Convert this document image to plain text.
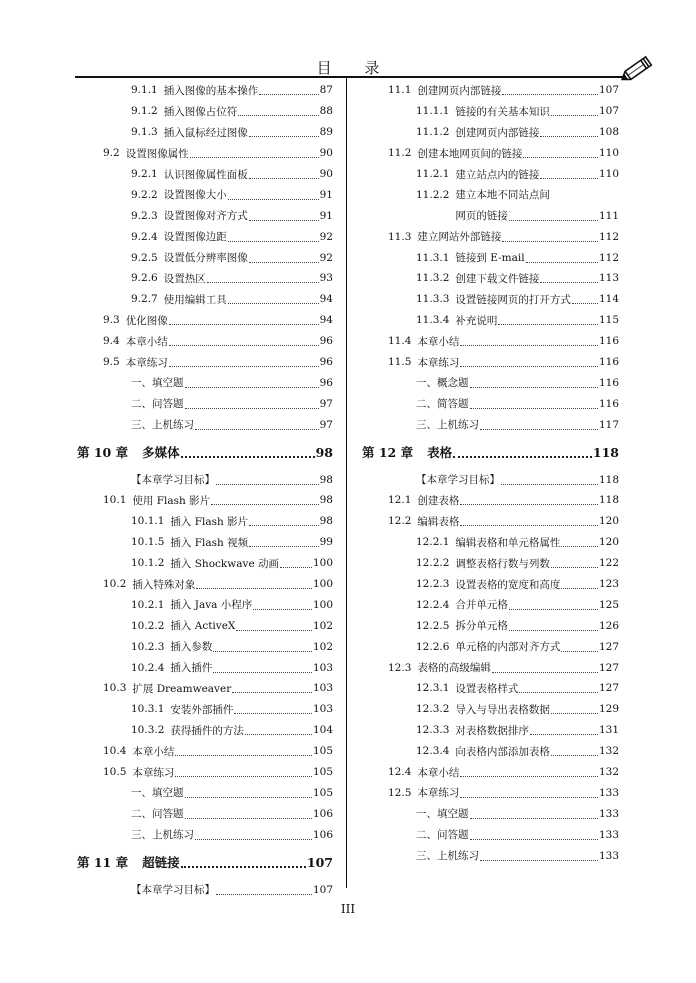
目 录
9.1.1 插入图像的基本操作	87
9.1.2 插入图像占位符	88
9.1.3 插入鼠标经过图像	89
9.2 设置图像属性	90
9.2.1 认识图像属性面板	90
9.2.2 设置图像大小	91
9.2.3 设置图像对齐方式	91
9.2.4 设置图像边距	92
9.2.5 设置低分辨率图像	92
9.2.6 设置热区	93
9.2.7 使用编辑工具	94
9.3 优化图像	94
9.4 本章小结	96
9.5 本章练习	96
一、填空题	96
二、问答题	97
三、上机练习	97
第 10 章 多媒体	98
【本章学习目标】	98
10.1 使用 Flash 影片	98
10.1.1 插入 Flash 影片	98
10.1.5 插入 Flash 视频	99
10.1.2 插入 Shockwave 动画	100
10.2 插入特殊对象	100
10.2.1 插入 Java 小程序	100
10.2.2 插入 ActiveX	102
10.2.3 插入参数	102
10.2.4 插入插件	103
10.3 扩展 Dreamweaver	103
10.3.1 安装外部插件	103
10.3.2 获得插件的方法	104
10.4 本章小结	105
10.5 本章练习	105
一、填空题	105
二、问答题	106
三、上机练习	106
第 11 章 超链接	107
【本章学习目标】	107
11.1 创建网页内部链接	107
11.1.1 链接的有关基本知识	107
11.1.2 创建网页内部链接	108
11.2 创建本地网页间的链接	110
11.2.1 建立站点内的链接	110
11.2.2 建立本地不同站点间
网页的链接	111
11.3 建立网站外部链接	112
11.3.1 链接到 E-mail	112
11.3.2 创建下载文件链接	113
11.3.3 设置链接网页的打开方式	114
11.3.4 补充说明	115
11.4 本章小结	116
11.5 本章练习	116
一、概念题	116
二、简答题	116
三、上机练习	117
第 12 章 表格	118
【本章学习目标】	118
12.1 创建表格	118
12.2 编辑表格	120
12.2.1 编辑表格和单元格属性	120
12.2.2 调整表格行数与列数	122
12.2.3 设置表格的宽度和高度	123
12.2.4 合并单元格	125
12.2.5 拆分单元格	126
12.2.6 单元格的内部对齐方式	127
12.3 表格的高级编辑	127
12.3.1 设置表格样式	127
12.3.2 导入与导出表格数据	129
12.3.3 对表格数据排序	131
12.3.4 向表格内部添加表格	132
12.4 本章小结	132
12.5 本章练习	133
一、填空题	133
二、问答题	133
三、上机练习	133
III
